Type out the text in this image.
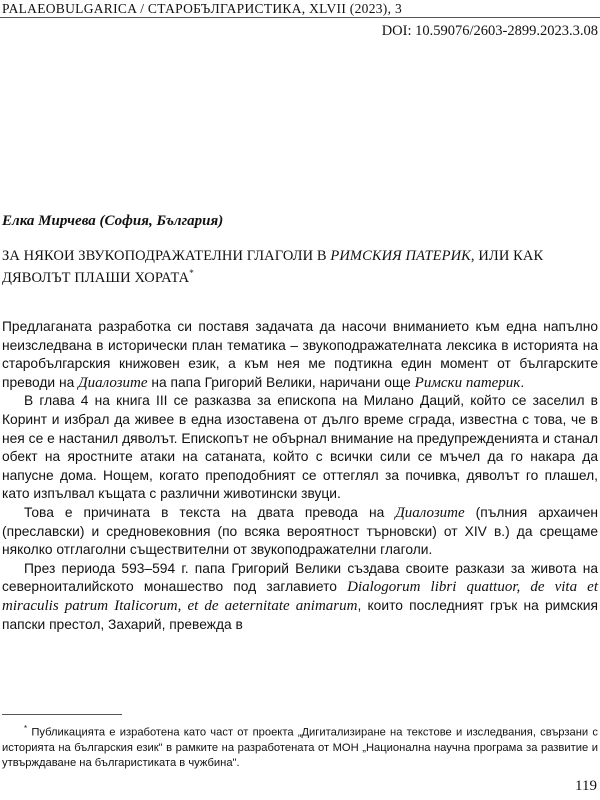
PALAEOBULGARICA / СТАРОБЪЛГАРИСТИКА, XLVII (2023), 3
DOI: 10.59076/2603-2899.2023.3.08
Елка Мирчева (София, България)
ЗА НЯКОИ ЗВУКОПОДРАЖАТЕЛНИ ГЛАГОЛИ В РИМСКИЯ ПАТЕРИК, ИЛИ КАК ДЯВОЛЪТ ПЛАШИ ХОРАТА*

Предлаганата разработка си поставя задачата да насочи вниманието към една напълно неизследвана в исторически план тематика – звукоподражателната лексика в историята на старобългарския книжовен език, а към нея ме подтикна един момент от българските преводи на Диалозите на папа Григорий Велики, наричани още Римски патерик.

В глава 4 на книга III се разказва за епископа на Милано Даций, който се заселил в Коринт и избрал да живее в една изоставена от дълго време сграда, известна с това, че в нея се е настанил дяволът. Епископът не обърнал внимание на предупрежденията и станал обект на яростните атаки на сатаната, който с всички сили се мъчел да го накара да напусне дома. Нощем, когато преподобният се оттеглял за почивка, дяволът го плашел, като изпълвал къщата с различни животински звуци.

Това е причината в текста на двата превода на Диалозите (пълния архаичен (преславски) и средновековния (по всяка вероятност търновски) от XIV в.) да срещаме няколко отглаголни съществителни от звукоподражателни глаголи.

През периода 593–594 г. папа Григорий Велики създава своите разкази за живота на северноиталийското монашество под заглавието Dialogorum libri quattuor, de vita et miraculis patrum Italicorum, et de aeternitate animarum, които последният грък на римския папски престол, Захарий, превежда в

* Публикацията е изработена като част от проекта „Дигитализиране на текстове и изследвания, свързани с историята на българския език" в рамките на разработената от МОН „Национална научна програма за развитие и утвърждаване на българистиката в чужбина".

119
